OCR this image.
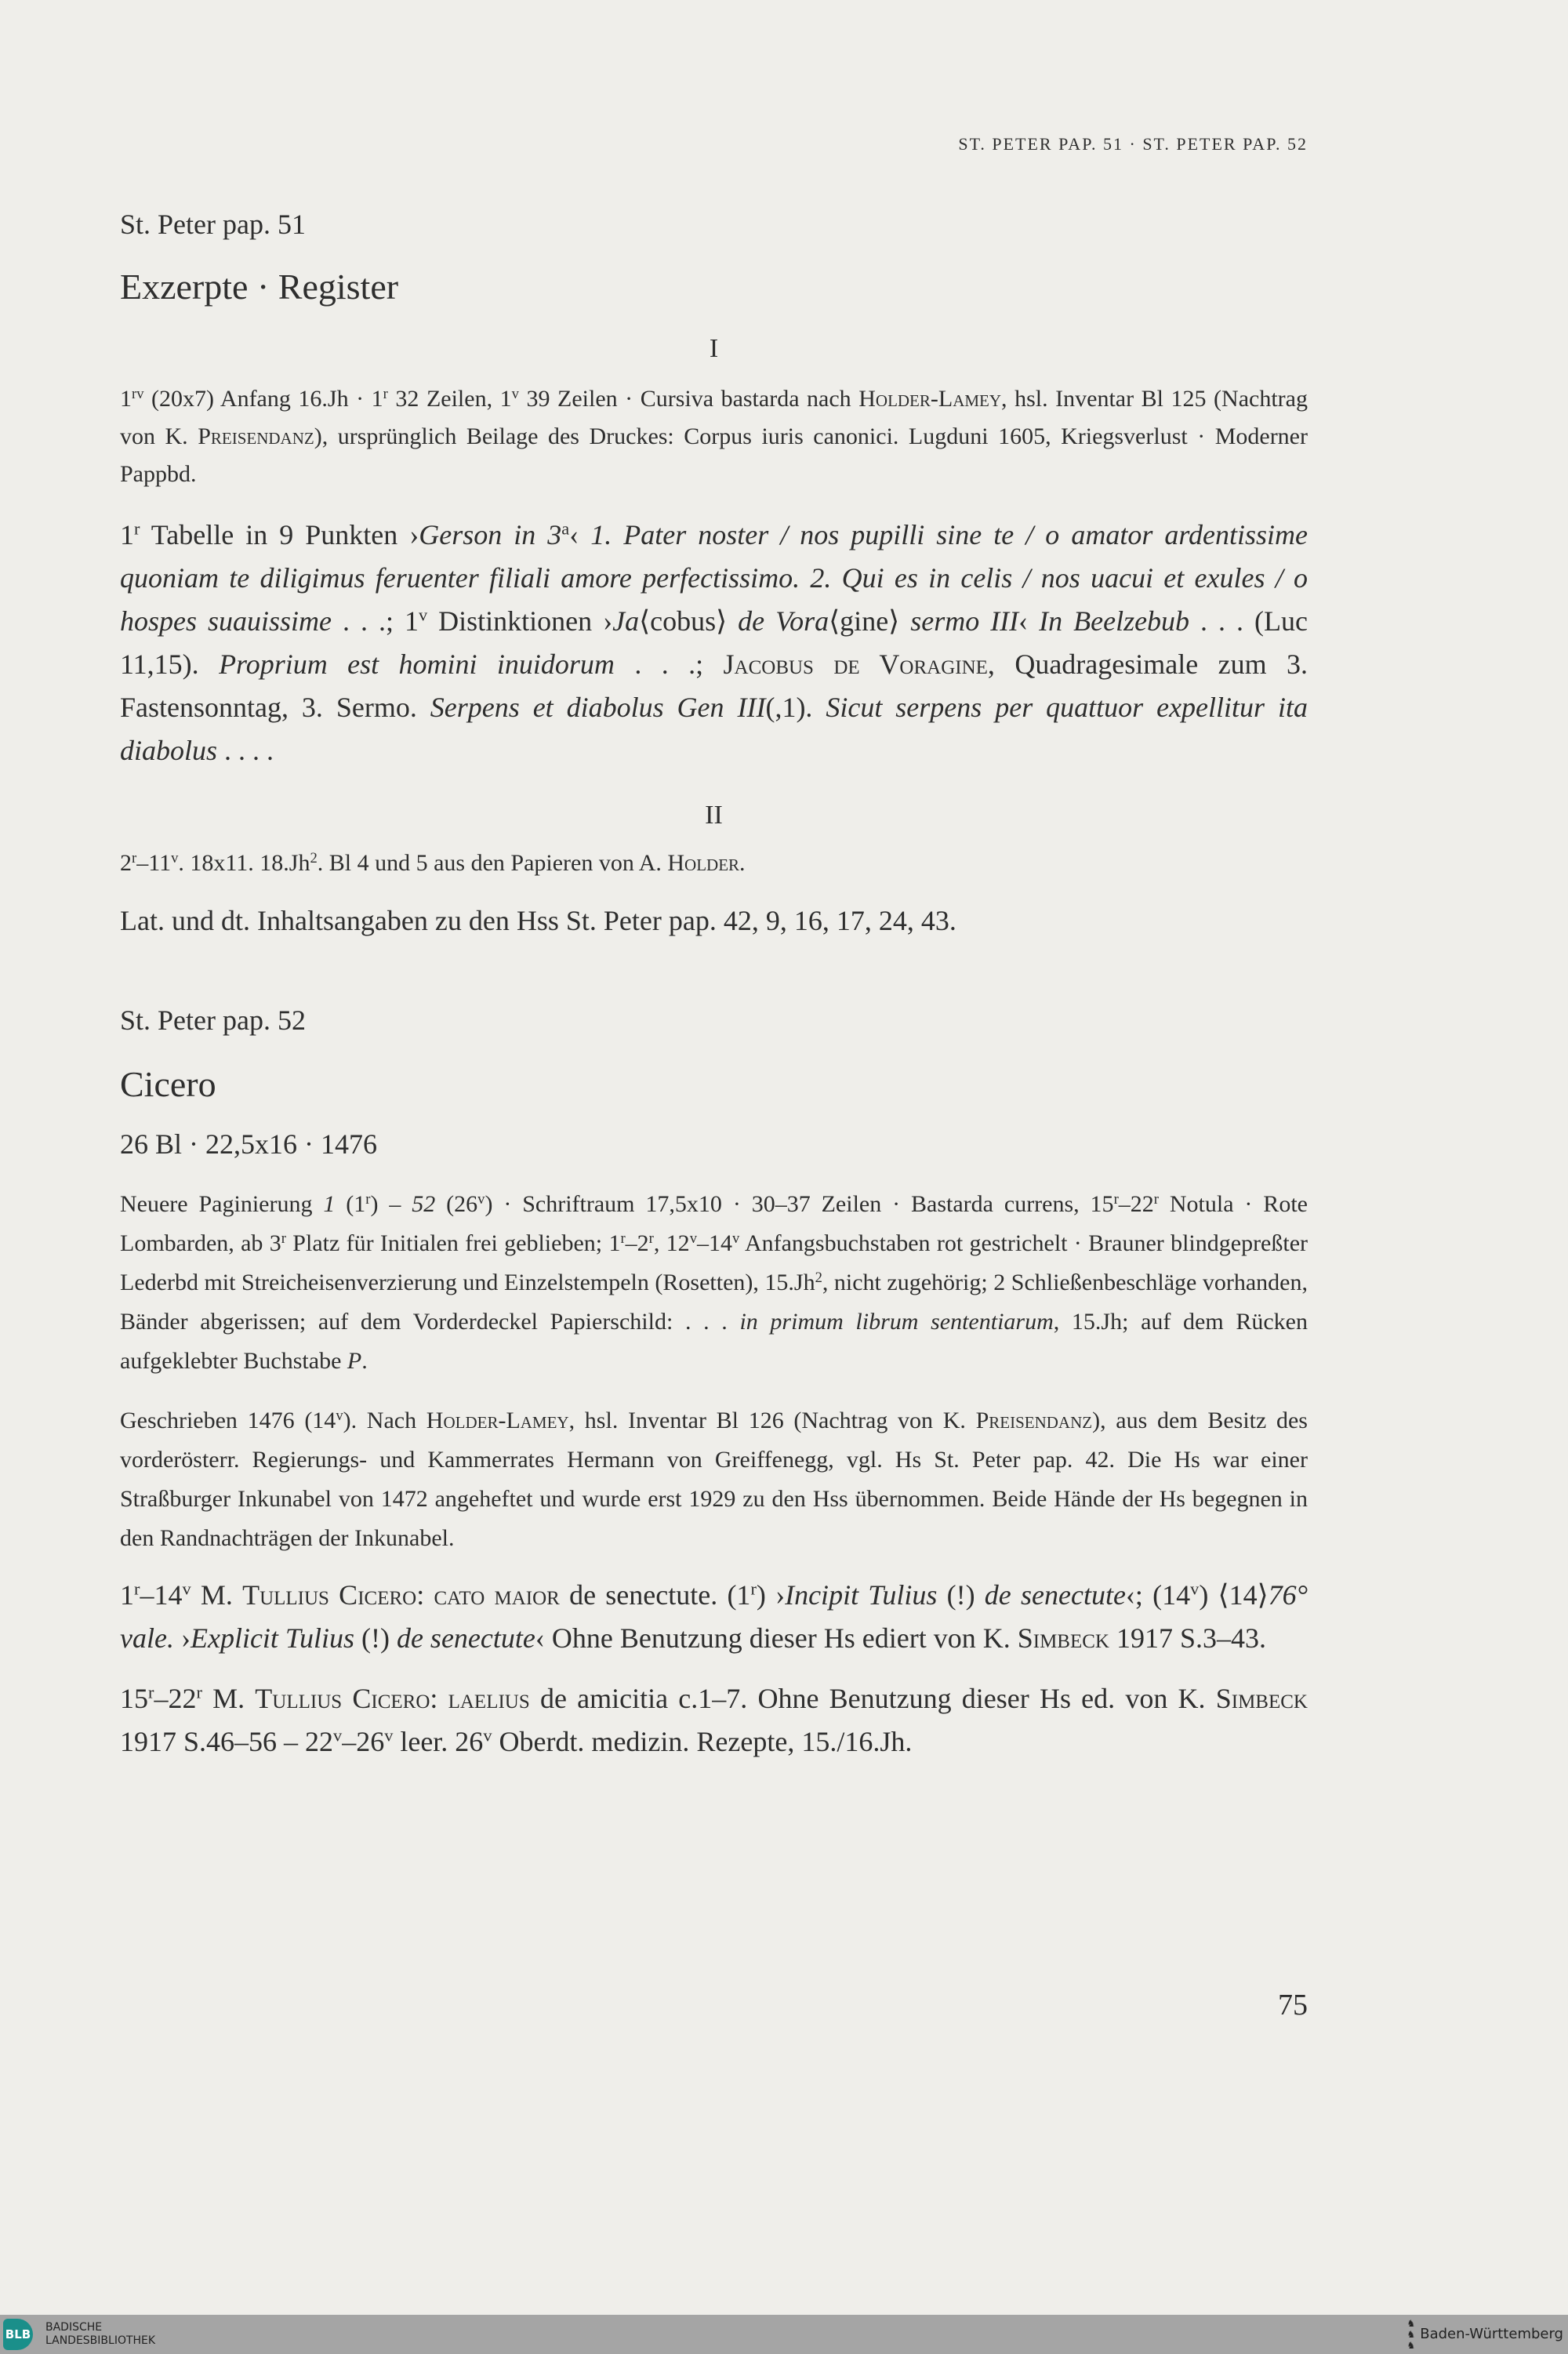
ST. PETER PAP. 51 · ST. PETER PAP. 52
St. Peter pap. 51
Exzerpte · Register
I
$1^{rv}$ (20x7) Anfang $16.Jh \cdot 1^r$ 32 Zeilen, 1$^v$ 39 Zeilen · Cursiva bastarda nach Holder-Lamey, hsl. Inventar Bl 125 (Nachtrag von K. Preisendanz), ursprünglich Beilage des Druckes: Corpus iuris canonici. Lugduni 1605, Kriegsverlust · Moderner Pappbd.
1$^r$ Tabelle in 9 Punkten ›Gerson in 3$^a$‹ 1. Pater noster / nos pupilli sine te / o amator ardentissime quoniam te diligimus feruenter filiali amore perfectissimo. 2. Qui es in celis / nos uacui et exules / o hospes suauissime . . .; 1$^v$ Distinktionen ›Ja⟨cobus⟩ de Vora⟨gine⟩ sermo III‹ In Beelzebub . . . (Luc 11,15). Proprium est homini inuidorum . . .; Jacobus de Voragine, Quadragesimale zum 3. Fastensonntag, 3. Sermo. Serpens et diabolus Gen III(,1). Sicut serpens per quattuor expellitur ita diabolus . . . .
II
2$^r$–11$^v$. 18x11. 18.Jh$^2$. Bl 4 und 5 aus den Papieren von A. Holder.
Lat. und dt. Inhaltsangaben zu den Hss St. Peter pap. 42, 9, 16, 17, 24, 43.
St. Peter pap. 52
Cicero
26 Bl · 22,5x16 · 1476
Neuere Paginierung 1 (1$^r$) – 52 $(26^v)$ · Schriftraum 17,5x10 · 30–37 Zeilen · Bastarda currens, 15$^r$–22$^r$ Notula · Rote Lombarden, ab 3$^r$ Platz für Initialen frei geblieben; 1$^r$–2$^r$, 12$^v$–14$^v$ Anfangsbuchstaben rot gestrichelt · Brauner blindgepreßter Lederbd mit Streicheisenverzierung und Einzelstempeln (Rosetten), 15.Jh$^2$, nicht zugehörig; 2 Schließenbeschläge vorhanden, Bänder abgerissen; auf dem Vorderdeckel Papierschild: . . . in primum librum sententiarum, 15.Jh; auf dem Rücken aufgeklebter Buchstabe P.
Geschrieben 1476 (14$^v$). Nach Holder-Lamey, hsl. Inventar Bl 126 (Nachtrag von K. Preisendanz), aus dem Besitz des vorderösterr. Regierungs- und Kammerrates Hermann von Greiffenegg, vgl. Hs St. Peter pap. 42. Die Hs war einer Straßburger Inkunabel von 1472 angeheftet und wurde erst 1929 zu den Hss übernommen. Beide Hände der Hs begegnen in den Randnachträgen der Inkunabel.
1$^r$–14$^v$ M. Tullius Cicero: cato maior de senectute. (1$^r$) ›Incipit Tulius (!) de senectute‹; (14$^v$) ⟨14⟩76° vale. ›Explicit Tulius (!) de senectute‹ Ohne Benutzung dieser Hs ediert von K. Simbeck 1917 S.3–43.
15$^r$–22$^r$ M. Tullius Cicero: laelius de amicitia c.1–7. Ohne Benutzung dieser Hs ed. von K. Simbeck 1917 S.46–56 – 22$^v$–26$^v$ leer. 26$^v$ Oberdt. medizin. Rezepte, 15./16.Jh.
75
BLB BADISCHE
LANDESBIBLIOTHEK
♞
♞
♞
Baden-Württemberg
